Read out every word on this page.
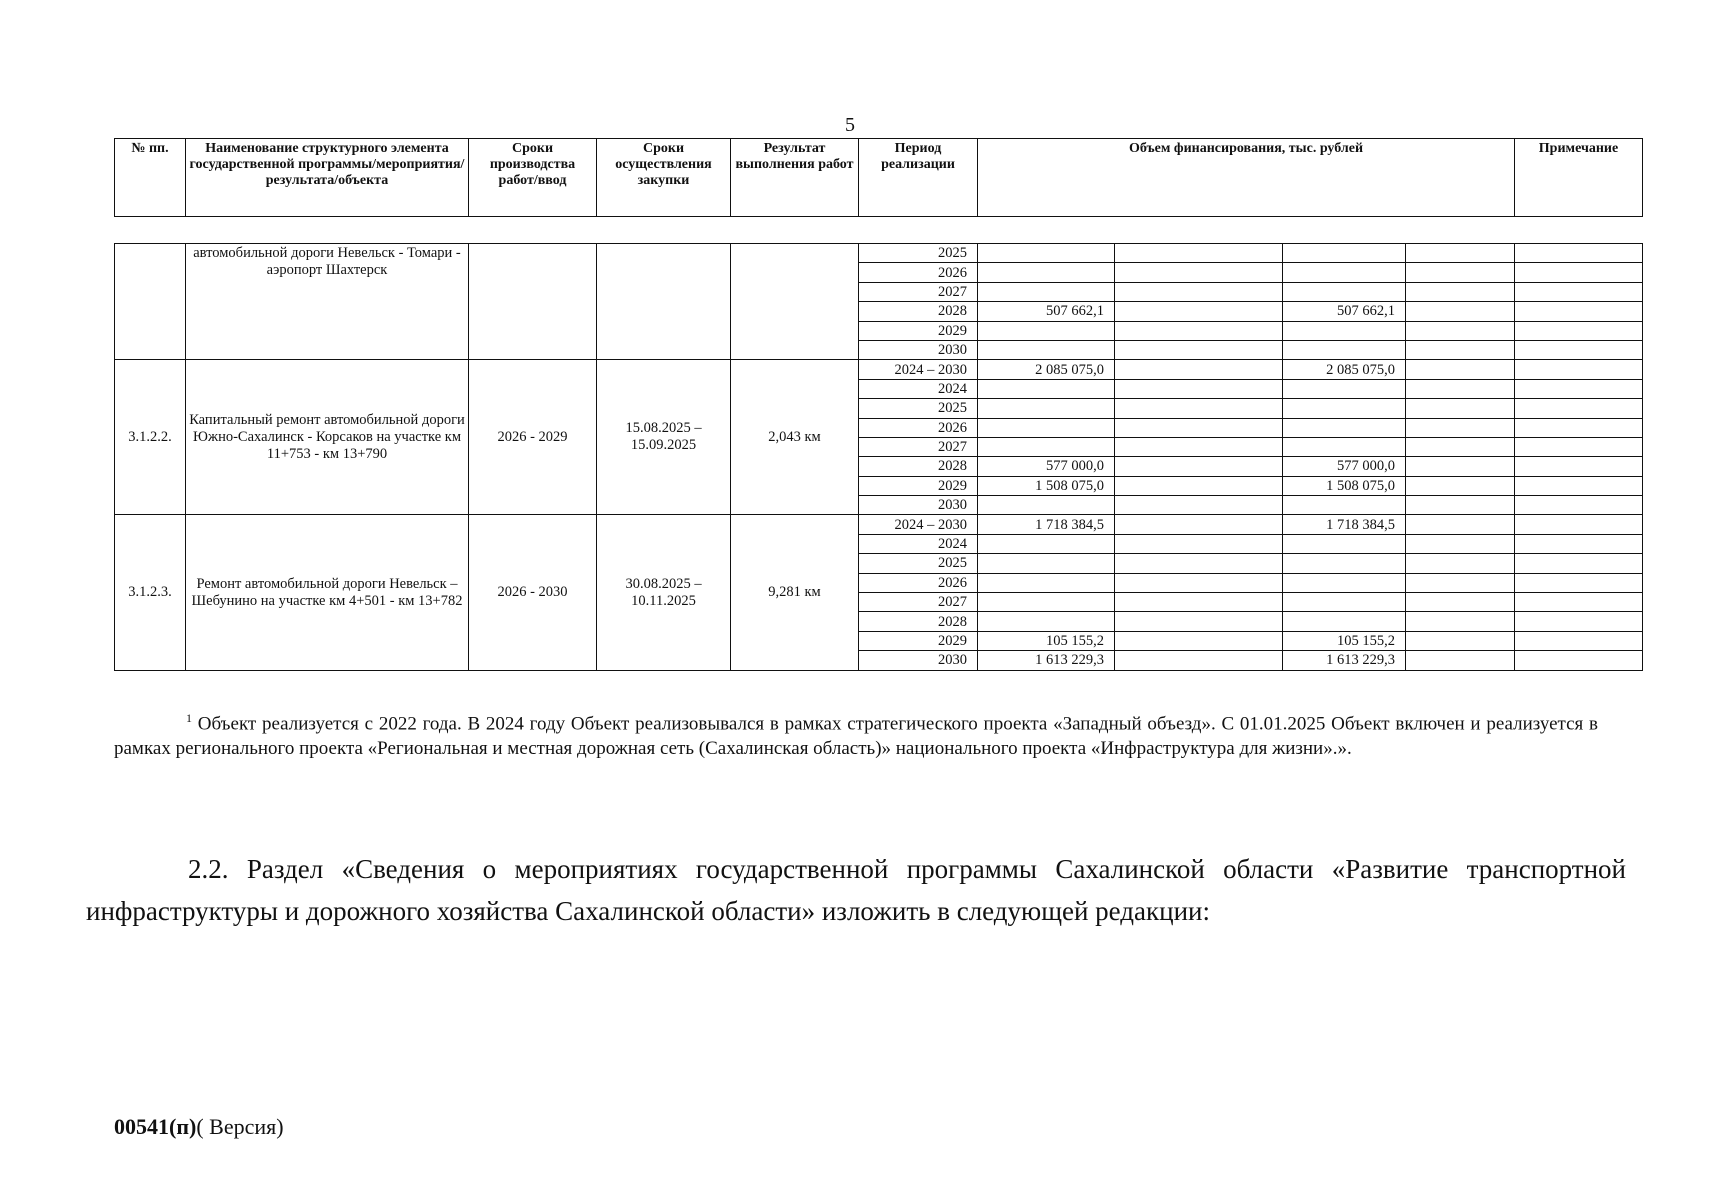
5
№ пп.	Наименование структурного элемента государственной программы/мероприятия/ результата/объекта	Сроки производства работ/ввод	Сроки осуществления закупки	Результат выполнения работ	Период реализации	Объем финансирования, тыс. рублей	Примечание
	автомобильной дороги Невельск - Томари - аэропорт Шахтерск				2025					
					2026					
					2027					
					2028	507 662,1		507 662,1		
					2029					
					2030					
3.1.2.2.	Капитальный ремонт автомобильной дороги Южно-Сахалинск - Корсаков на участке км 11+753 - км 13+790	2026 - 2029	15.08.2025 – 15.09.2025	2,043 км	2024 – 2030	2 085 075,0		2 085 075,0		
					2024					
					2025					
					2026					
					2027					
					2028	577 000,0		577 000,0		
					2029	1 508 075,0		1 508 075,0		
					2030					
3.1.2.3.	Ремонт автомобильной дороги Невельск – Шебунино на участке км 4+501 - км 13+782	2026 - 2030	30.08.2025 – 10.11.2025	9,281 км	2024 – 2030	1 718 384,5		1 718 384,5		
					2024					
					2025					
					2026					
					2027					
					2028					
					2029	105 155,2		105 155,2		
					2030	1 613 229,3		1 613 229,3		
$^1$ Объект реализуется с 2022 года. В 2024 году Объект реализовывался в рамках стратегического проекта «Западный объезд». С 01.01.2025 Объект включен и реализуется в рамках регионального проекта «Региональная и местная дорожная сеть (Сахалинская область)» национального проекта «Инфраструктура для жизни».».
2.2. Раздел «Сведения о мероприятиях государственной программы Сахалинской области «Развитие транспортной инфраструктуры и дорожного хозяйства Сахалинской области» изложить в следующей редакции:
00541(п)( Версия)
